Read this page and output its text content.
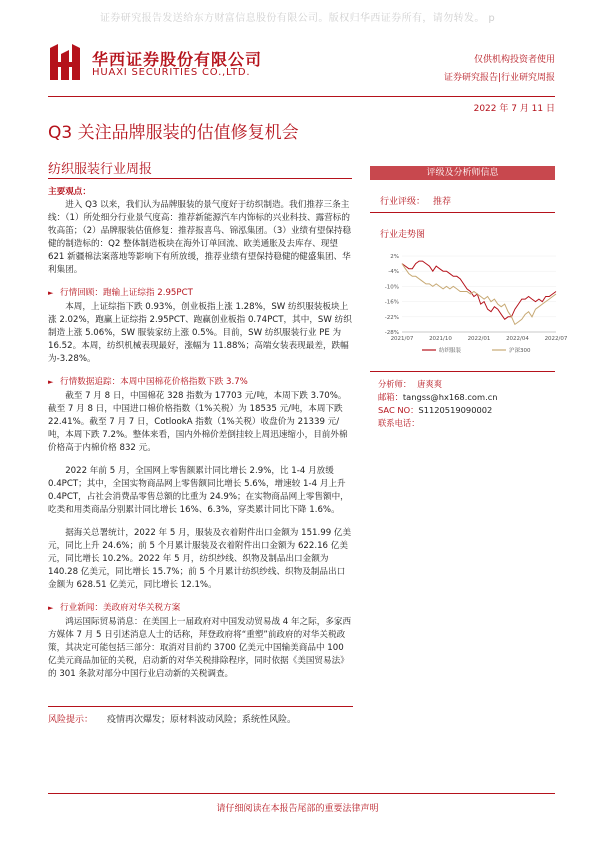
证券研究报告发送给东方财富信息股份有限公司。版权归华西证券所有，请勿转发。 p
华西证券股份有限公司
HUAXI SECURITIES CO.,LTD.
仅供机构投资者使用
证券研究报告|行业研究周报
2022 年 7 月 11 日
Q3 关注品牌服装的估值修复机会
纺织服装行业周报
主要观点：

进入 Q3 以来，我们认为品牌服装的景气度好于纺织制造。我们推荐三条主线：（1）所处细分行业景气度高：推荐新能源汽车内饰标的兴业科技、露营标的牧高笛；（2）品牌服装估值修复：推荐报喜鸟、锦泓集团。（3）业绩有望保持稳健的制造标的：Q2 整体制造板块在海外订单回流、欧美通胀及去库存、现望 621 新疆棉法案落地等影响下有所放缓，推荐业绩有望保持稳健的健盛集团、华利集团。

► 行情回顾：跑输上证综指 2.95PCT

本周，上证综指下跌 0.93%，创业板指上涨 1.28%，SW 纺织服装板块上涨 2.02%，跑赢上证综指 2.95PCT、跑赢创业板指 0.74PCT，其中，SW 纺织制造上涨 5.06%，SW 服装家纺上涨 0.5%。目前，SW 纺织服装行业 PE 为 16.52。本周，纺织机械表现最好，涨幅为 11.88%；高端女装表现最差，跌幅为-3.28%。

► 行情数据追踪：本周中国棉花价格指数下跌 3.7%

截至 7 月 8 日，中国棉花 328 指数为 17703 元/吨，本周下跌 3.70%。截至 7 月 8 日，中国进口棉价格指数（1%关税）为 18535 元/吨，本周下跌 22.41%。截至 7 月 7 日，CotlookA 指数（1%关税）收盘价为 21339 元/吨，本周下跌 7.2%。整体来看，国内外棉价差倒挂较上周迅速缩小，目前外棉价格高于内棉价格 832 元。

2022 年前 5 月，全国网上零售额累计同比增长 2.9%，比 1-4 月放缓 0.4PCT；其中，全国实物商品网上零售额同比增长 5.6%，增速较 1-4 月上升 0.4PCT，占社会消费品零售总额的比重为 24.9%；在实物商品网上零售额中，吃类和用类商品分别累计同比增长 16%、6.3%，穿类累计同比下降 1.6%。

据海关总署统计，2022 年 5 月，服装及衣着附件出口金额为 151.99 亿美元，同比上升 24.6%；前 5 个月累计服装及衣着附件出口金额为 622.16 亿美元，同比增长 10.2%。2022 年 5 月，纺织纱线、织物及制品出口金额为 140.28 亿美元，同比增长 15.7%；前 5 个月累计纺织纱线、织物及制品出口金额为 628.51 亿美元，同比增长 12.1%。

► 行业新闻：美政府对华关税方案

鸿运国际贸易消息：在美国上一届政府对中国发动贸易战 4 年之际，多家西方媒体 7 月 5 日引述消息人士的话称，拜登政府将“重塑”前政府的对华关税政策，其决定可能包括三部分：取消对目前约 3700 亿美元中国输美商品中 100 亿美元商品加征的关税，启动新的对华关税排除程序，同时依据《美国贸易法》的 301 条款对部分中国行业启动新的关税调查。

风险提示： 疫情再次爆发；原材料波动风险；系统性风险。
评级及分析师信息
行业评级： 推荐
行业走势图
2%
-4%
-10%
-16%
-22%
-28%
2021/07	2021/10	2022/01	2022/04	2022/07
纺织服装	沪深300
分析师： 唐爽爽
邮箱：tangss@hx168.com.cn
SAC NO：S1120519090002
联系电话：
请仔细阅读在本报告尾部的重要法律声明
